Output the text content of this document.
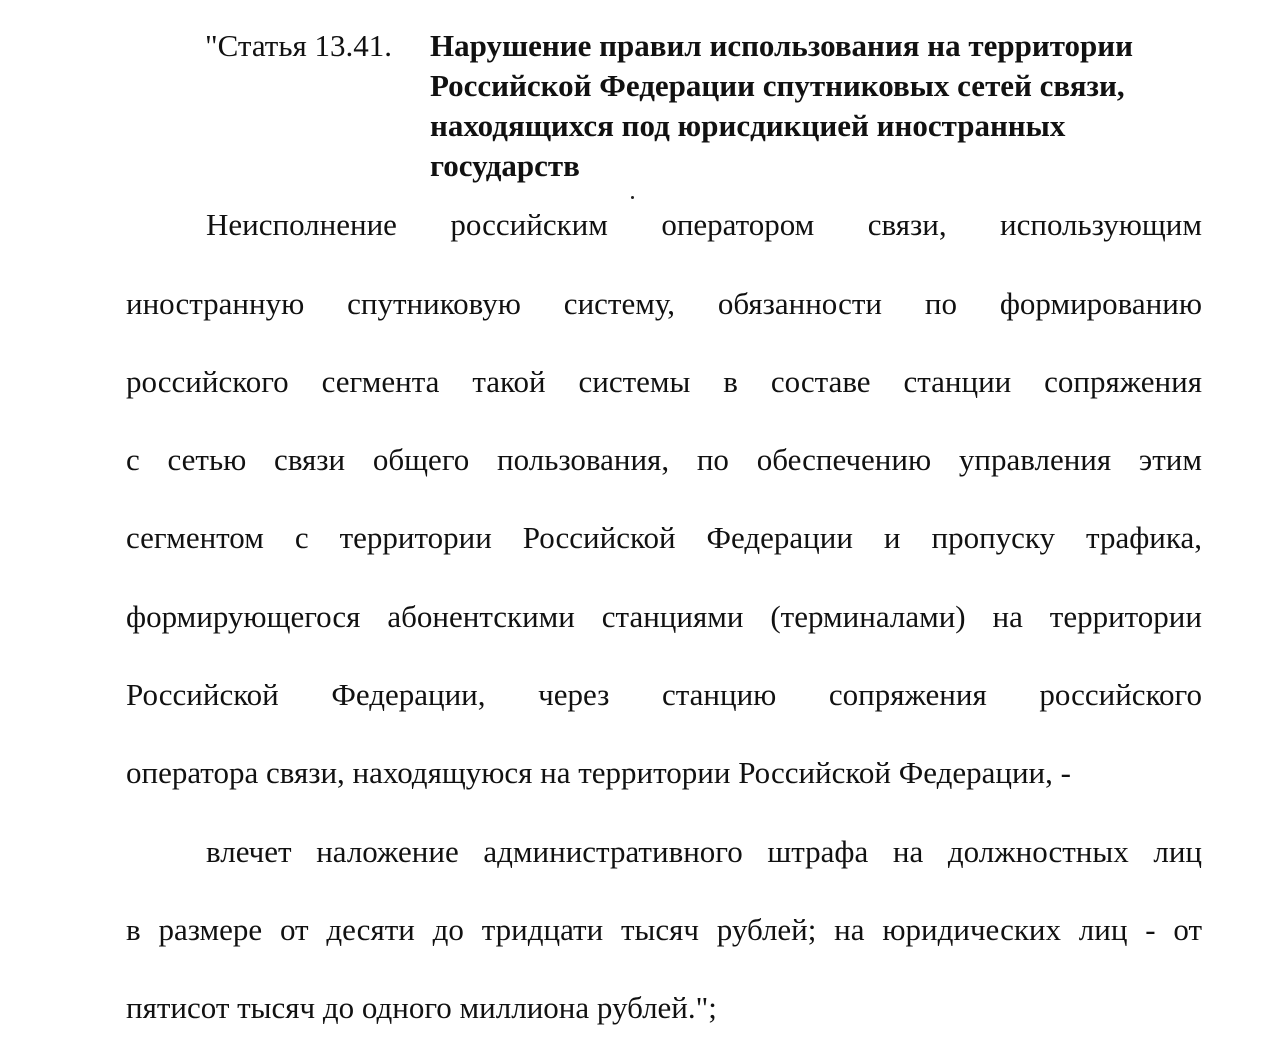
"Статья 13.41. Нарушение правил использования на территории
Российской Федерации спутниковых сетей связи,
находящихся под юрисдикцией иностранных
государств
Неисполнение российским оператором связи, использующим
иностранную спутниковую систему, обязанности по формированию
российского сегмента такой системы в составе станции сопряжения
с сетью связи общего пользования, по обеспечению управления этим
сегментом с территории Российской Федерации и пропуску трафика,
формирующегося абонентскими станциями (терминалами) на территории
Российской Федерации, через станцию сопряжения российского
оператора связи, находящуюся на территории Российской Федерации, -
влечет наложение административного штрафа на должностных лиц
в размере от десяти до тридцати тысяч рублей; на юридических лиц - от
пятисот тысяч до одного миллиона рублей.";
